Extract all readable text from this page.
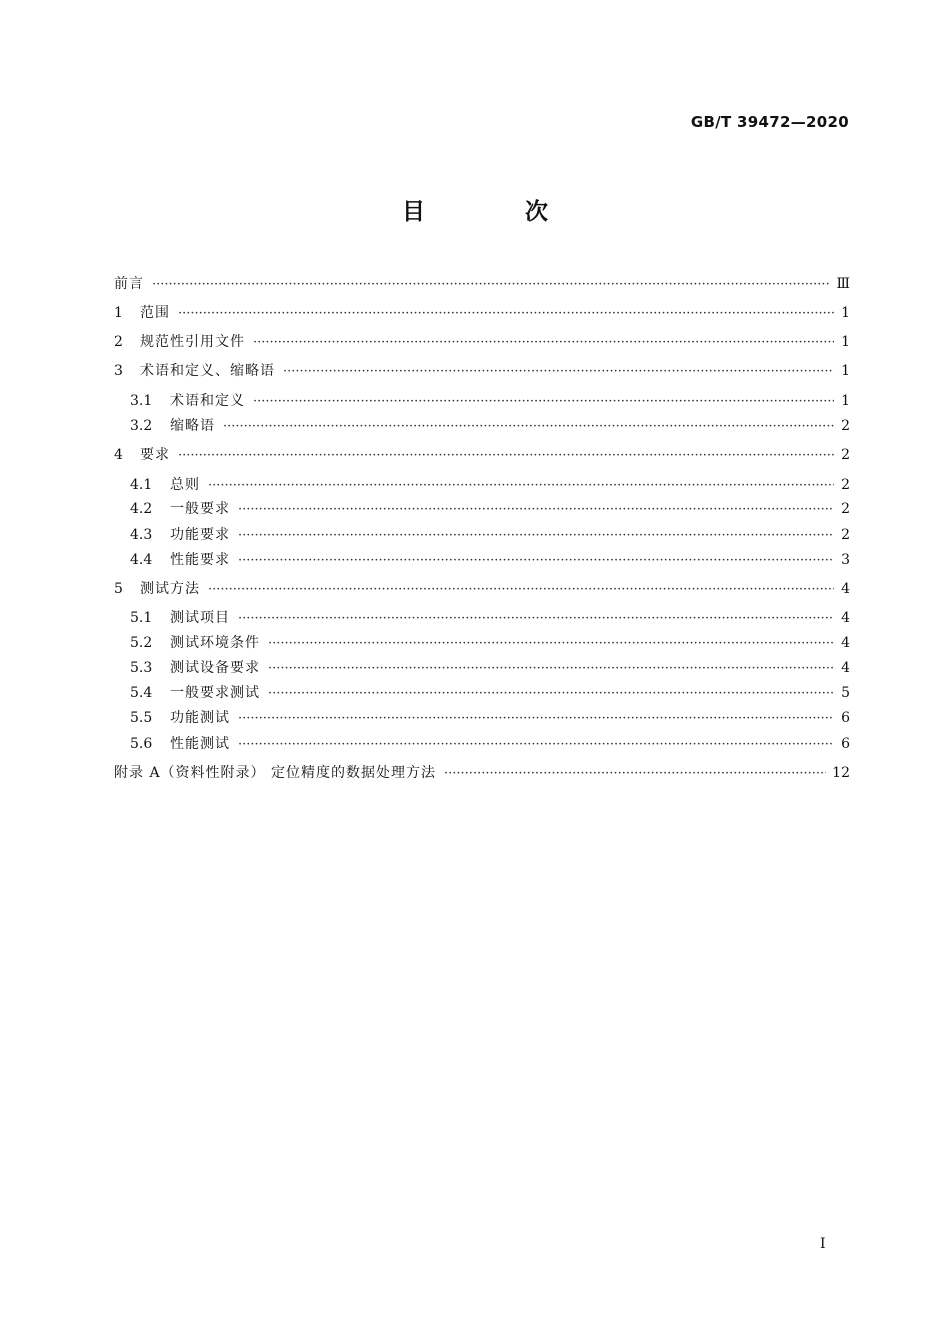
GB/T 39472—2020
目 次
前言 ·····	Ⅲ
1	范围 ·····	1
2	规范性引用文件 ·····	1
3	术语和定义、缩略语 ·····	1
3.1	术语和定义 ·····	1
3.2	缩略语 ·····	2
4	要求 ·····	2
4.1	总则 ·····	2
4.2	一般要求 ·····	2
4.3	功能要求 ·····	2
4.4	性能要求 ·····	3
5	测试方法 ·····	4
5.1	测试项目 ·····	4
5.2	测试环境条件 ·····	4
5.3	测试设备要求 ·····	4
5.4	一般要求测试 ·····	5
5.5	功能测试 ·····	6
5.6	性能测试 ·····	6
附录 A（资料性附录） 定位精度的数据处理方法 ·····	12
I
